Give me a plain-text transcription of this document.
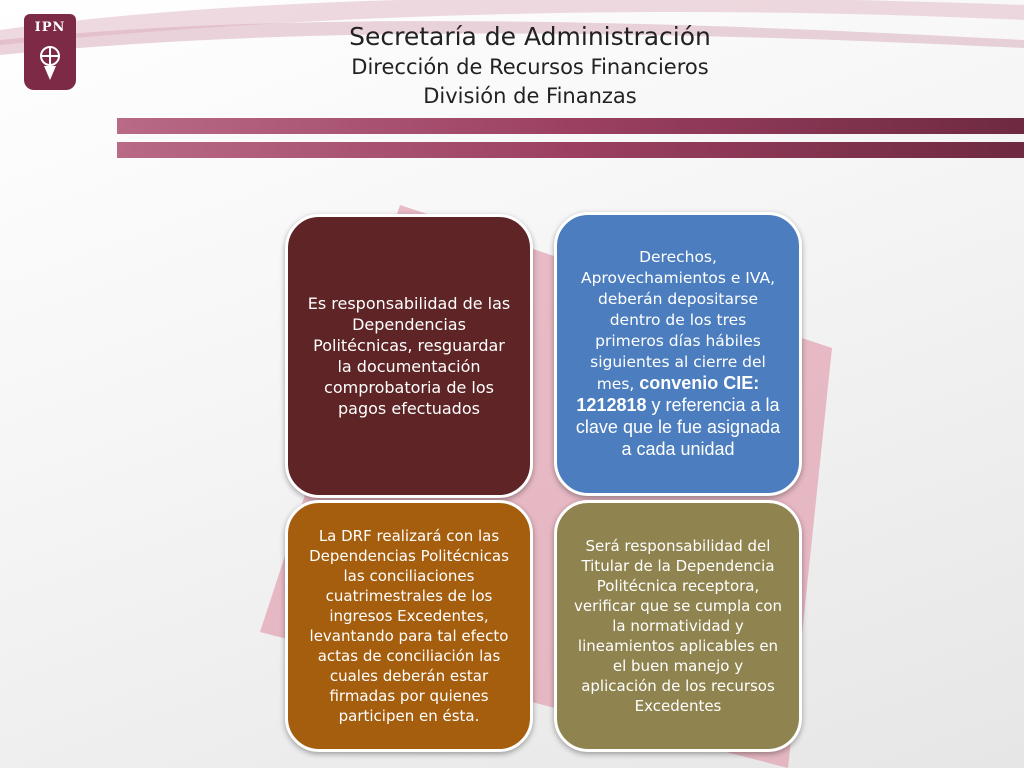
IPN	Secretaría de Administración
Dirección de Recursos Financieros
División de Finanzas
Es responsabilidad de las Dependencias Politécnicas, resguardar la documentación comprobatoria de los pagos efectuados
Derechos, Aprovechamientos e IVA, deberán depositarse dentro de los tres primeros días hábiles siguientes al cierre del mes, convenio CIE: 1212818 y referencia a la clave que le fue asignada a cada unidad
La DRF realizará con las Dependencias Politécnicas las conciliaciones cuatrimestrales de los ingresos Excedentes, levantando para tal efecto actas de conciliación las cuales deberán estar firmadas por quienes participen en ésta.
Será responsabilidad del Titular de la Dependencia Politécnica receptora, verificar que se cumpla con la normatividad y lineamientos aplicables en el buen manejo y aplicación de los recursos Excedentes
